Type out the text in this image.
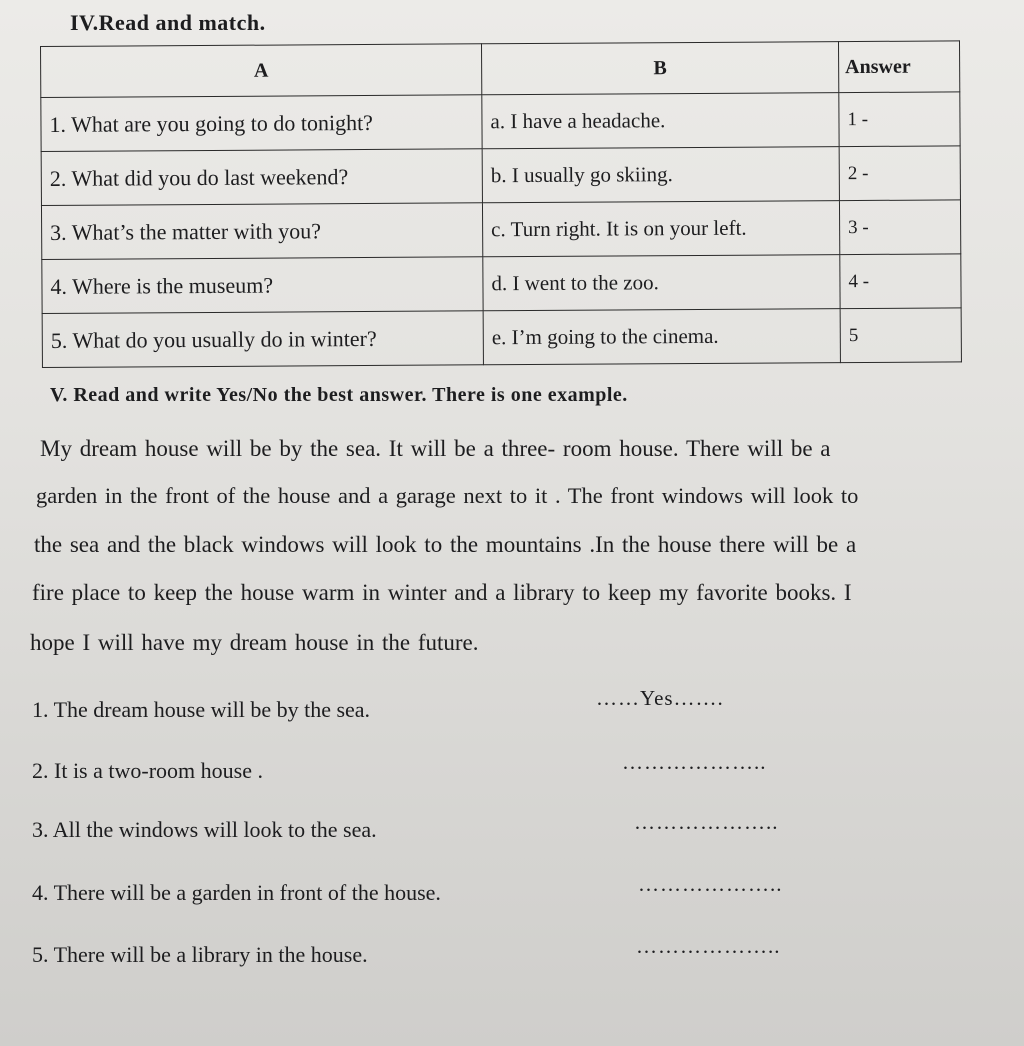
IV.Read and match.
A	B	Answer
1. What are you going to do tonight?	a. I have a headache.	1 -
2. What did you do last weekend?	b. I usually go skiing.	2 -
3. What’s the matter with you?	c. Turn right. It is on your left.	3 -
4. Where is the museum?	d. I went to the zoo.	4 -
5. What do you usually do in winter?	e. I’m going to the cinema.	5
V. Read and write Yes/No the best answer. There is one example.
My dream house will be by the sea. It will be a three- room house. There will be a
garden in the front of the house and a garage next to it . The front windows will look to
the sea and the black windows will look to the mountains .In the house there will be a
fire place to keep the house warm in winter and a library to keep my favorite books. I
hope I will have my dream house in the future.
1. The dream house will be by the sea.	……Yes…….
2. It is a two-room house .	………………..
3. All the windows will look to the sea.	………………..
4. There will be a garden in front of the house.	………………..
5. There will be a library in the house.	………………..
